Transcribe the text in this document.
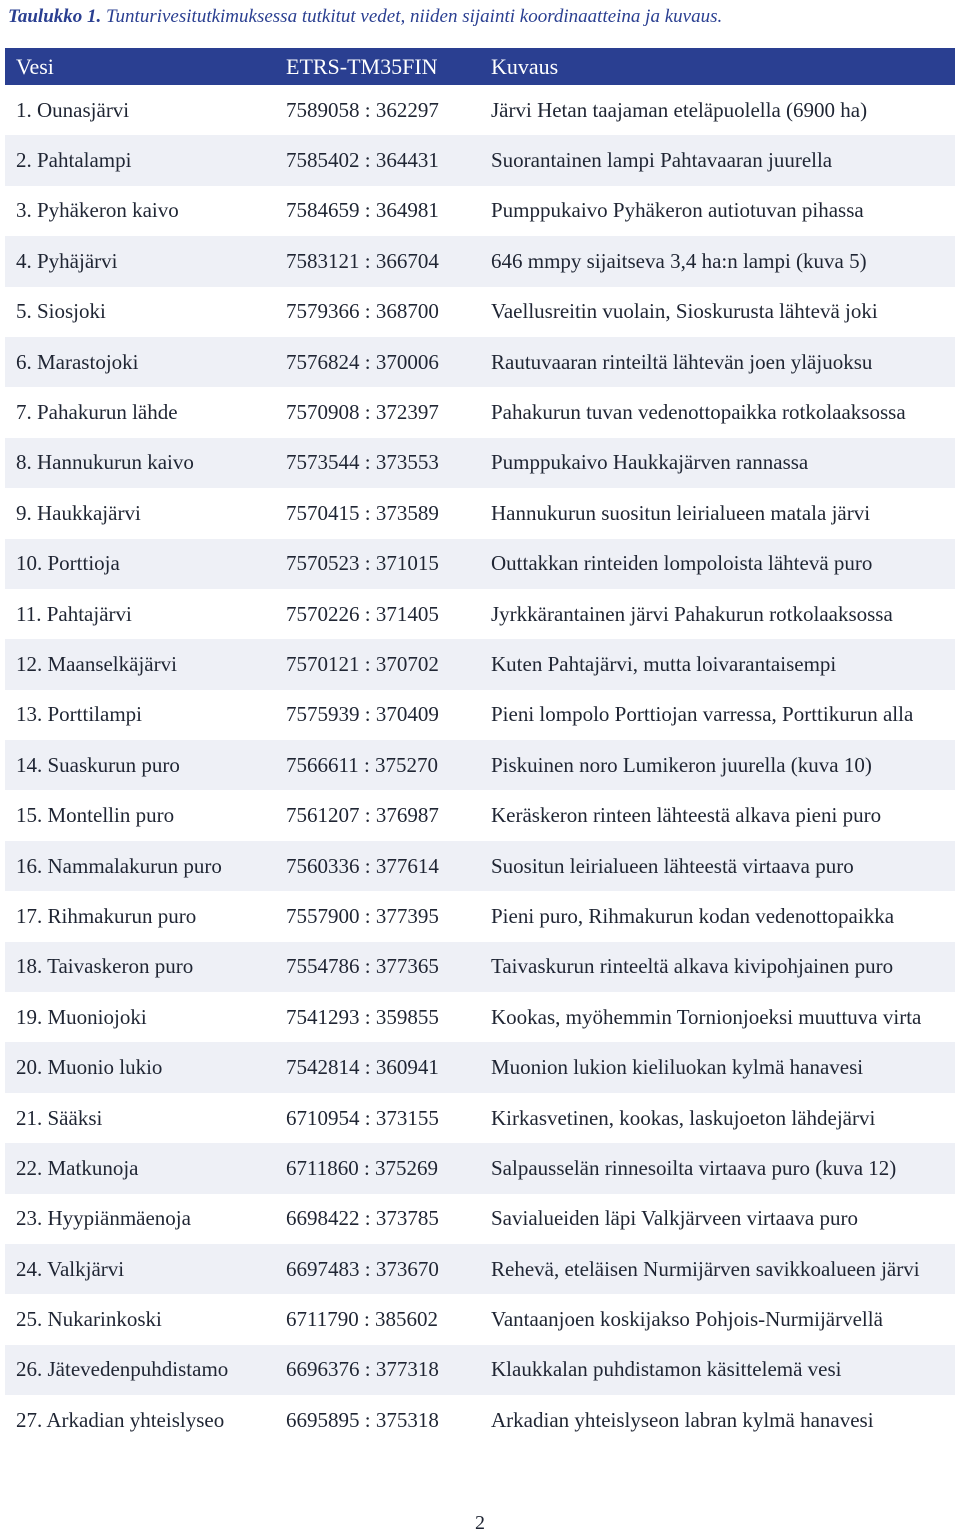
Taulukko 1. Tunturivesitutkimuksessa tutkitut vedet, niiden sijainti koordinaatteina ja kuvaus.
Vesi	ETRS-TM35FIN	Kuvaus
1. Ounasjärvi	7589058 : 362297	Järvi Hetan taajaman eteläpuolella (6900 ha)
2. Pahtalampi	7585402 : 364431	Suorantainen lampi Pahtavaaran juurella
3. Pyhäkeron kaivo	7584659 : 364981	Pumppukaivo Pyhäkeron autiotuvan pihassa
4. Pyhäjärvi	7583121 : 366704	646 mmpy sijaitseva 3,4 ha:n lampi (kuva 5)
5. Siosjoki	7579366 : 368700	Vaellusreitin vuolain, Sioskurusta lähtevä joki
6. Marastojoki	7576824 : 370006	Rautuvaaran rinteiltä lähtevän joen yläjuoksu
7. Pahakurun lähde	7570908 : 372397	Pahakurun tuvan vedenottopaikka rotkolaaksossa
8. Hannukurun kaivo	7573544 : 373553	Pumppukaivo Haukkajärven rannassa
9. Haukkajärvi	7570415 : 373589	Hannukurun suositun leirialueen matala järvi
10. Porttioja	7570523 : 371015	Outtakkan rinteiden lompoloista lähtevä puro
11. Pahtajärvi	7570226 : 371405	Jyrkkärantainen järvi Pahakurun rotkolaaksossa
12. Maanselkäjärvi	7570121 : 370702	Kuten Pahtajärvi, mutta loivarantaisempi
13. Porttilampi	7575939 : 370409	Pieni lompolo Porttiojan varressa, Porttikurun alla
14. Suaskurun puro	7566611 : 375270	Piskuinen noro Lumikeron juurella (kuva 10)
15. Montellin puro	7561207 : 376987	Keräskeron rinteen lähteestä alkava pieni puro
16. Nammalakurun puro	7560336 : 377614	Suositun leirialueen lähteestä virtaava puro
17. Rihmakurun puro	7557900 : 377395	Pieni puro, Rihmakurun kodan vedenottopaikka
18. Taivaskeron puro	7554786 : 377365	Taivaskurun rinteeltä alkava kivipohjainen puro
19. Muoniojoki	7541293 : 359855	Kookas, myöhemmin Tornionjoeksi muuttuva virta
20. Muonio lukio	7542814 : 360941	Muonion lukion kieliluokan kylmä hanavesi
21. Sääksi	6710954 : 373155	Kirkasvetinen, kookas, laskujoeton lähdejärvi
22. Matkunoja	6711860 : 375269	Salpausselän rinnesoilta virtaava puro (kuva 12)
23. Hyypiänmäenoja	6698422 : 373785	Savialueiden läpi Valkjärveen virtaava puro
24. Valkjärvi	6697483 : 373670	Rehevä, eteläisen Nurmijärven savikkoalueen järvi
25. Nukarinkoski	6711790 : 385602	Vantaanjoen koskijakso Pohjois-Nurmijärvellä
26. Jätevedenpuhdistamo	6696376 : 377318	Klaukkalan puhdistamon käsittelemä vesi
27. Arkadian yhteislyseo	6695895 : 375318	Arkadian yhteislyseon labran kylmä hanavesi
2
